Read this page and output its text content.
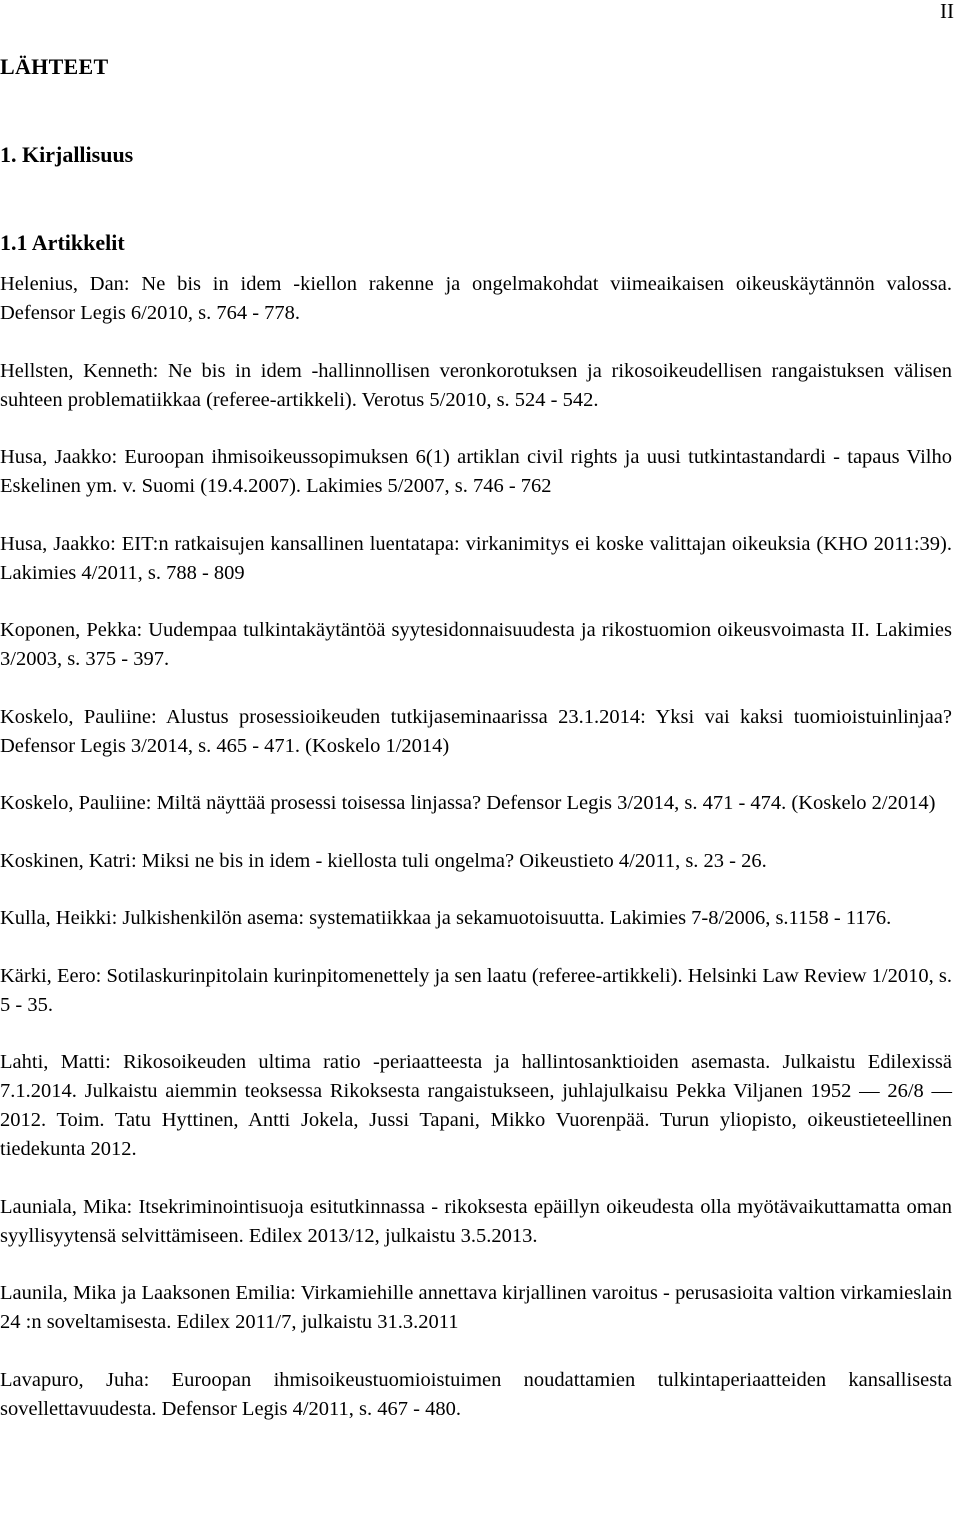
II
LÄHTEET
1. Kirjallisuus
1.1 Artikkelit
Helenius, Dan: Ne bis in idem -kiellon rakenne ja ongelmakohdat viimeaikaisen oikeuskäytännön valossa. Defensor Legis 6/2010, s. 764 - 778.
Hellsten, Kenneth: Ne bis in idem -hallinnollisen veronkorotuksen ja rikosoikeudellisen rangaistuksen välisen suhteen problematiikkaa (referee-artikkeli). Verotus 5/2010, s. 524 - 542.
Husa, Jaakko: Euroopan ihmisoikeussopimuksen 6(1) artiklan civil rights ja uusi tutkintastandardi - tapaus Vilho Eskelinen ym. v. Suomi (19.4.2007). Lakimies 5/2007, s. 746 - 762
Husa, Jaakko: EIT:n ratkaisujen kansallinen luentatapa: virkanimitys ei koske valittajan oikeuksia (KHO 2011:39). Lakimies 4/2011, s. 788 - 809
Koponen, Pekka: Uudempaa tulkintakäytäntöä syytesidonnaisuudesta ja rikostuomion oikeusvoimasta II. Lakimies 3/2003, s. 375 - 397.
Koskelo, Pauliine: Alustus prosessioikeuden tutkijaseminaarissa 23.1.2014: Yksi vai kaksi tuomioistuinlinjaa? Defensor Legis 3/2014, s. 465 - 471. (Koskelo 1/2014)
Koskelo, Pauliine: Miltä näyttää prosessi toisessa linjassa? Defensor Legis 3/2014, s. 471 - 474. (Koskelo 2/2014)
Koskinen, Katri: Miksi ne bis in idem - kiellosta tuli ongelma? Oikeustieto 4/2011, s. 23 - 26.
Kulla, Heikki: Julkishenkilön asema: systematiikkaa ja sekamuotoisuutta. Lakimies 7-8/2006, s.1158 - 1176.
Kärki, Eero: Sotilaskurinpitolain kurinpitomenettely ja sen laatu (referee-artikkeli). Helsinki Law Review 1/2010, s. 5 - 35.
Lahti, Matti: Rikosoikeuden ultima ratio -periaatteesta ja hallintosanktioiden asemasta. Julkaistu Edilexissä 7.1.2014. Julkaistu aiemmin teoksessa Rikoksesta rangaistukseen, juhlajulkaisu Pekka Viljanen 1952 — 26/8 — 2012. Toim. Tatu Hyttinen, Antti Jokela, Jussi Tapani, Mikko Vuorenpää. Turun yliopisto, oikeustieteellinen tiedekunta 2012.
Launiala, Mika: Itsekriminointisuoja esitutkinnassa - rikoksesta epäillyn oikeudesta olla myötävaikuttamatta oman syyllisyytensä selvittämiseen. Edilex 2013/12, julkaistu 3.5.2013.
Launila, Mika ja Laaksonen Emilia: Virkamiehille annettava kirjallinen varoitus - perusasioita valtion virkamieslain 24 :n soveltamisesta. Edilex 2011/7, julkaistu 31.3.2011
Lavapuro, Juha: Euroopan ihmisoikeustuomioistuimen noudattamien tulkintaperiaatteiden kansallisesta sovellettavuudesta. Defensor Legis 4/2011, s. 467 - 480.
